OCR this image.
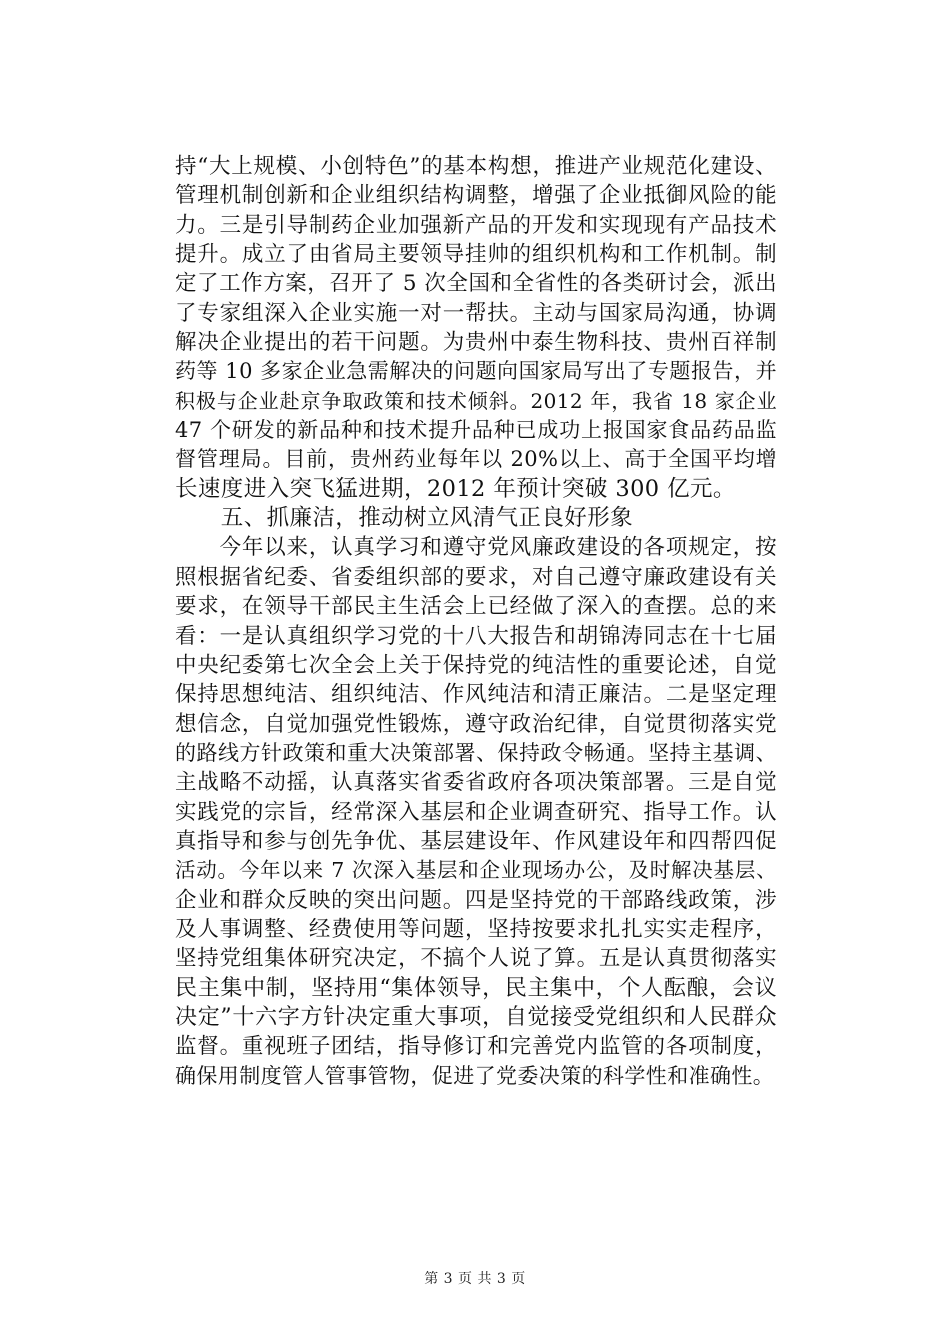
持“大上规模、小创特色”的基本构想，推进产业规范化建设、
管理机制创新和企业组织结构调整，增强了企业抵御风险的能
力。三是引导制药企业加强新产品的开发和实现现有产品技术
提升。成立了由省局主要领导挂帅的组织机构和工作机制。制
定了工作方案，召开了 5 次全国和全省性的各类研讨会，派出
了专家组深入企业实施一对一帮扶。主动与国家局沟通，协调
解决企业提出的若干问题。为贵州中泰生物科技、贵州百祥制
药等 10 多家企业急需解决的问题向国家局写出了专题报告，并
积极与企业赴京争取政策和技术倾斜。2012 年，我省 18 家企业
47 个研发的新品种和技术提升品种已成功上报国家食品药品监
督管理局。目前，贵州药业每年以 20%以上、高于全国平均增
长速度进入突飞猛进期，2012 年预计突破 300 亿元。
　　五、抓廉洁，推动树立风清气正良好形象
　　今年以来，认真学习和遵守党风廉政建设的各项规定，按
照根据省纪委、省委组织部的要求，对自己遵守廉政建设有关
要求，在领导干部民主生活会上已经做了深入的查摆。总的来
看：一是认真组织学习党的十八大报告和胡锦涛同志在十七届
中央纪委第七次全会上关于保持党的纯洁性的重要论述，自觉
保持思想纯洁、组织纯洁、作风纯洁和清正廉洁。二是坚定理
想信念，自觉加强党性锻炼，遵守政治纪律，自觉贯彻落实党
的路线方针政策和重大决策部署、保持政令畅通。坚持主基调、
主战略不动摇，认真落实省委省政府各项决策部署。三是自觉
实践党的宗旨，经常深入基层和企业调查研究、指导工作。认
真指导和参与创先争优、基层建设年、作风建设年和四帮四促
活动。今年以来 7 次深入基层和企业现场办公，及时解决基层、
企业和群众反映的突出问题。四是坚持党的干部路线政策，涉
及人事调整、经费使用等问题，坚持按要求扎扎实实走程序，
坚持党组集体研究决定，不搞个人说了算。五是认真贯彻落实
民主集中制，坚持用“集体领导，民主集中，个人酝酿，会议
决定”十六字方针决定重大事项，自觉接受党组织和人民群众
监督。重视班子团结，指导修订和完善党内监管的各项制度，
确保用制度管人管事管物，促进了党委决策的科学性和准确性。
第 3 页 共 3 页
